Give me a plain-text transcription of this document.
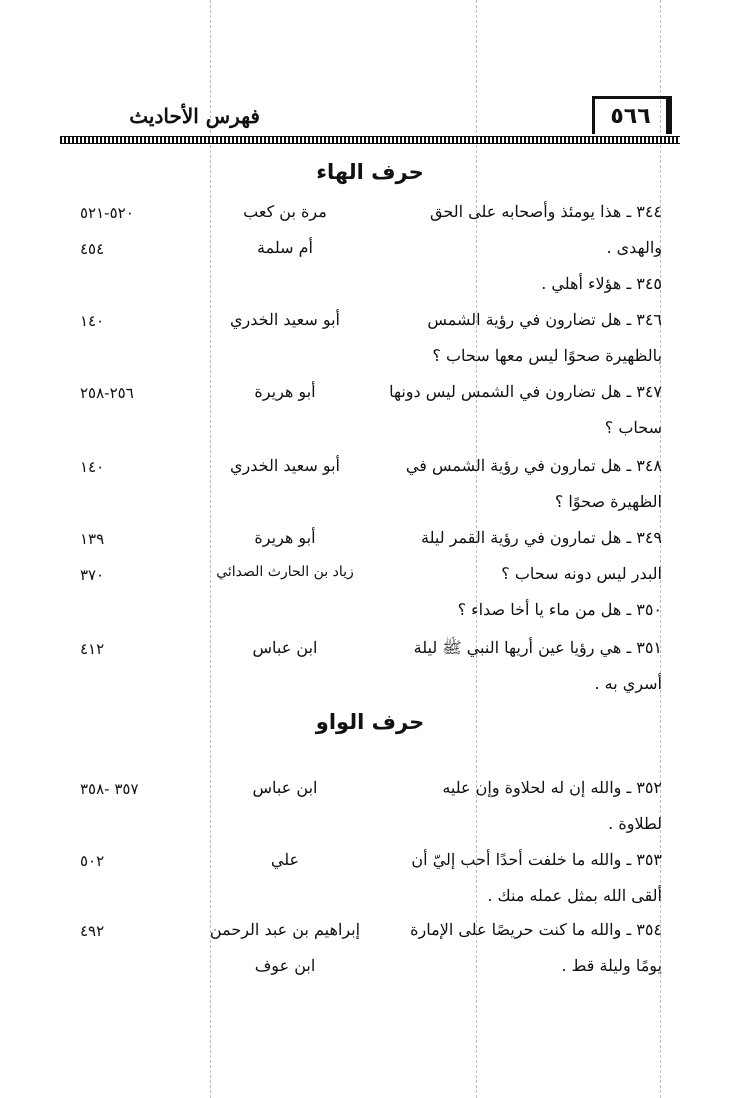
فهرس الأحاديث	٥٦٦
حرف الهاء
٣٤٤ ـ هذا يومئذ وأصحابه على الحق
مرة بن كعب
٥٢٠-٥٢١
والهدى .
أم سلمة
٤٥٤
٣٤٥ ـ هؤلاء أهلي .
٣٤٦ ـ هل تضارون في رؤية الشمس
أبو سعيد الخدري
١٤٠
بالظهيرة صحوًا ليس معها سحاب ؟
٣٤٧ ـ هل تضارون في الشمس ليس دونها
أبو هريرة
٢٥٦-٢٥٨
سحاب ؟
٣٤٨ ـ هل تمارون في رؤية الشمس في
أبو سعيد الخدري
١٤٠
الظهيرة صحوًا ؟
٣٤٩ ـ هل تمارون في رؤية القمر ليلة
أبو هريرة
١٣٩
البدر ليس دونه سحاب ؟
زياد بن الحارث الصدائي
٣٧٠
٣٥٠ ـ هل من ماء يا أخا صداء ؟
٣٥١ ـ هي رؤيا عين أريها النبي ﷺ ليلة
ابن عباس
٤١٢
أسري به .
حرف الواو
٣٥٢ ـ والله إن له لحلاوة وإن عليه
ابن عباس
٣٥٧ -٣٥٨
لطلاوة .
٣٥٣ ـ والله ما خلفت أحدًا أحب إليّ أن
علي
٥٠٢
ألقى الله بمثل عمله منك .
٣٥٤ ـ والله ما كنت حريصًا على الإمارة
إبراهيم بن عبد الرحمن
٤٩٢
يومًا وليلة قط .
ابن عوف
